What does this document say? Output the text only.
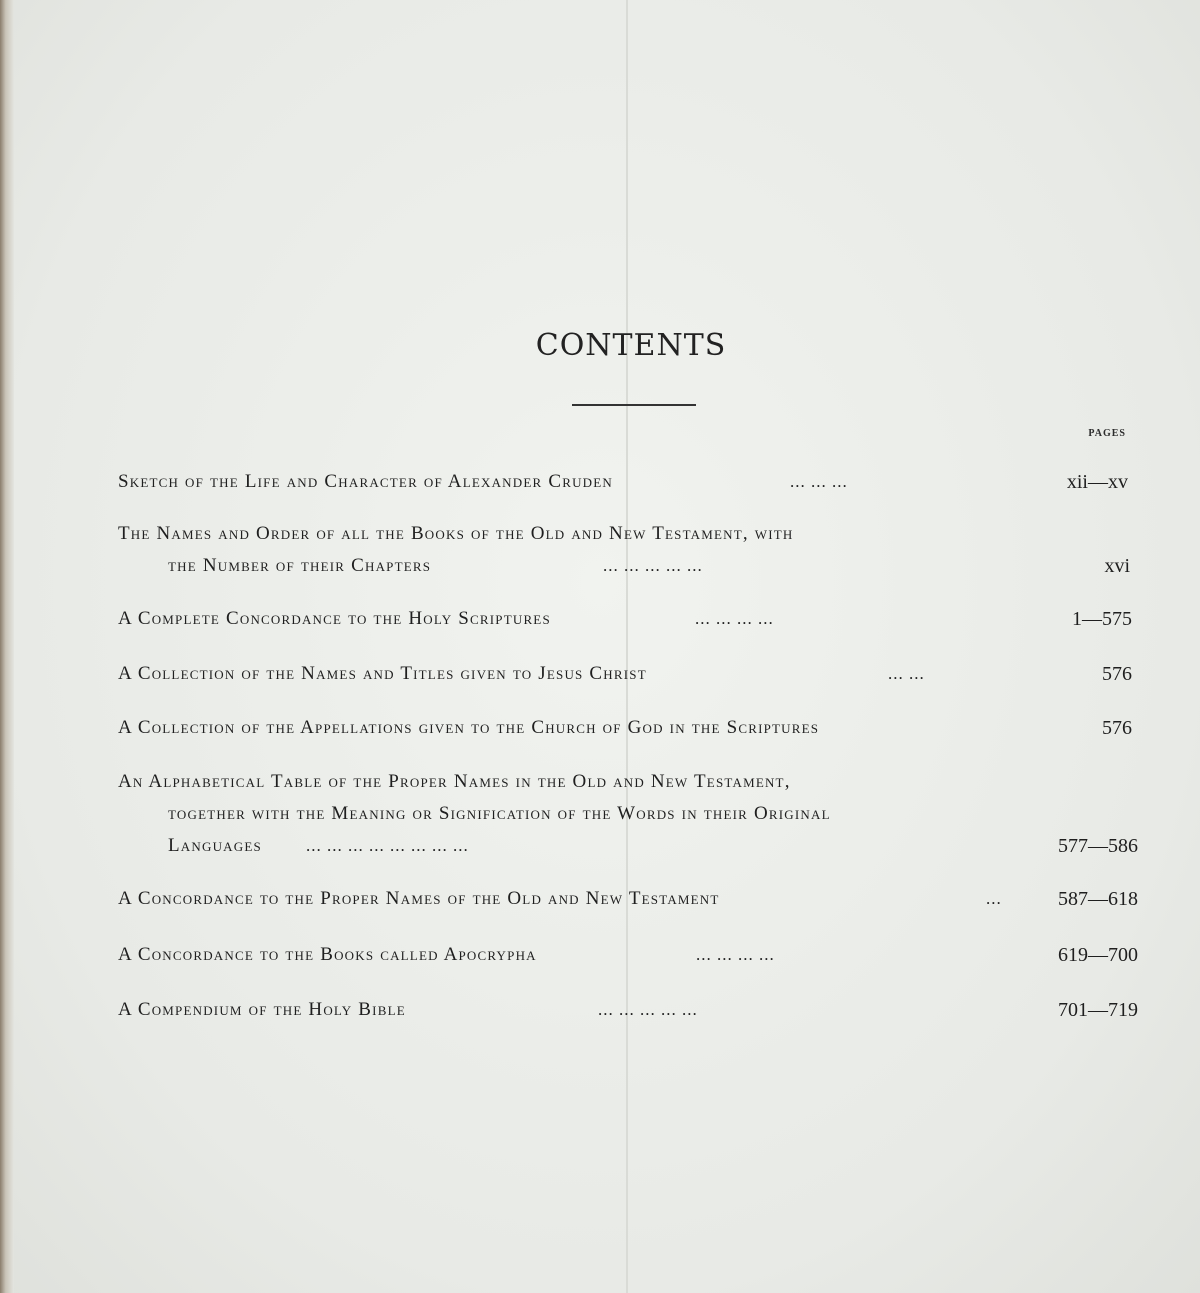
CONTENTS
PAGES
Sketch of the Life and Character of Alexander Cruden	... ... ...	xii—xv
The Names and Order of all the Books of the Old and New Testament, with
the Number of their Chapters	... ... ... ... ...	xvi
A Complete Concordance to the Holy Scriptures	... ... ... ...	1—575
A Collection of the Names and Titles given to Jesus Christ	... ...	576
A Collection of the Appellations given to the Church of God in the Scriptures	576
An Alphabetical Table of the Proper Names in the Old and New Testament,
together with the Meaning or Signification of the Words in their Original
Languages	... ... ... ... ... ... ... ...	577—586
A Concordance to the Proper Names of the Old and New Testament	...	587—618
A Concordance to the Books called Apocrypha	... ... ... ...	619—700
A Compendium of the Holy Bible	... ... ... ... ...	701—719
